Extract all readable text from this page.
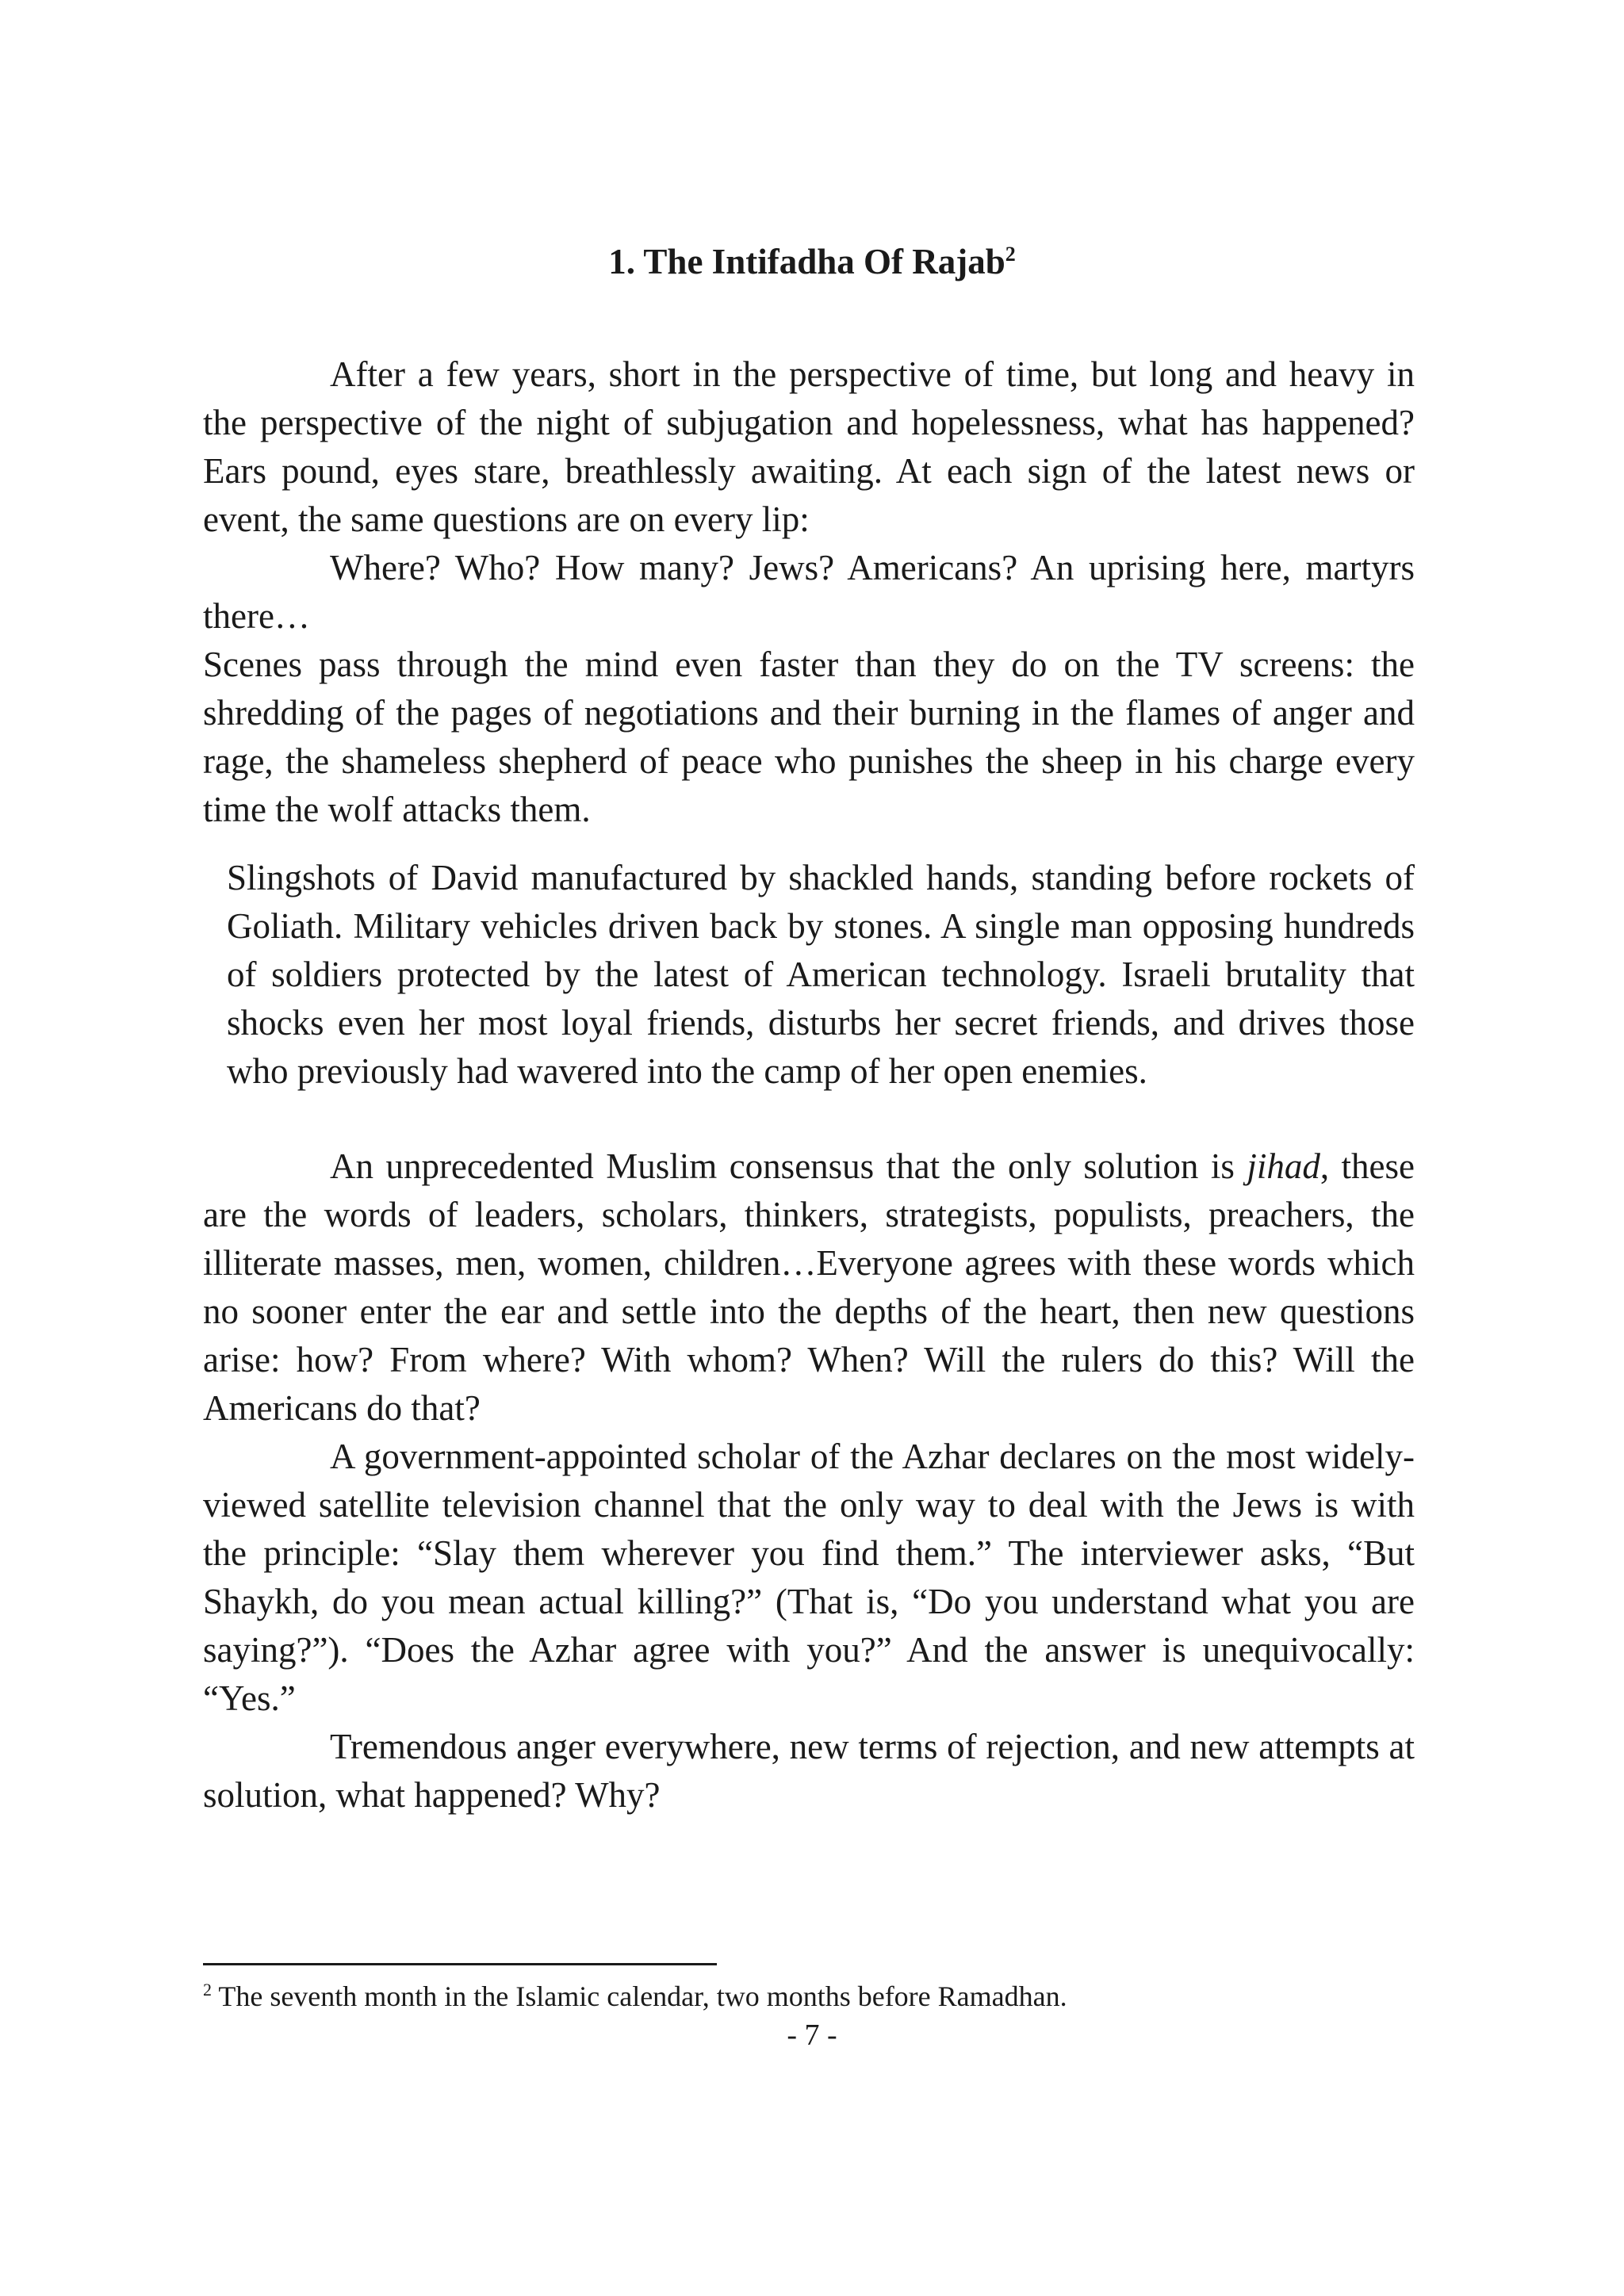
1. The Intifadha Of Rajab$^2$

After a few years, short in the perspective of time, but long and heavy in the perspective of the night of subjugation and hopelessness, what has happened? Ears pound, eyes stare, breathlessly awaiting. At each sign of the latest news or event, the same questions are on every lip:

Where? Who? How many? Jews? Americans? An uprising here, martyrs there…

Scenes pass through the mind even faster than they do on the TV screens: the shredding of the pages of negotiations and their burning in the flames of anger and rage, the shameless shepherd of peace who punishes the sheep in his charge every time the wolf attacks them.

Slingshots of David manufactured by shackled hands, standing before rockets of Goliath. Military vehicles driven back by stones. A single man opposing hundreds of soldiers protected by the latest of American technology. Israeli brutality that shocks even her most loyal friends, disturbs her secret friends, and drives those who previously had wavered into the camp of her open enemies.

An unprecedented Muslim consensus that the only solution is jihad, these are the words of leaders, scholars, thinkers, strategists, populists, preachers, the illiterate masses, men, women, children…Everyone agrees with these words which no sooner enter the ear and settle into the depths of the heart, then new questions arise: how? From where? With whom? When? Will the rulers do this? Will the Americans do that?

A government-appointed scholar of the Azhar declares on the most widely-viewed satellite television channel that the only way to deal with the Jews is with the principle: “Slay them wherever you find them.” The interviewer asks, “But Shaykh, do you mean actual killing?” (That is, “Do you understand what you are saying?”). “Does the Azhar agree with you?” And the answer is unequivocally: “Yes.”

Tremendous anger everywhere, new terms of rejection, and new attempts at solution, what happened? Why?

$^2$ The seventh month in the Islamic calendar, two months before Ramadhan.

- 7 -
